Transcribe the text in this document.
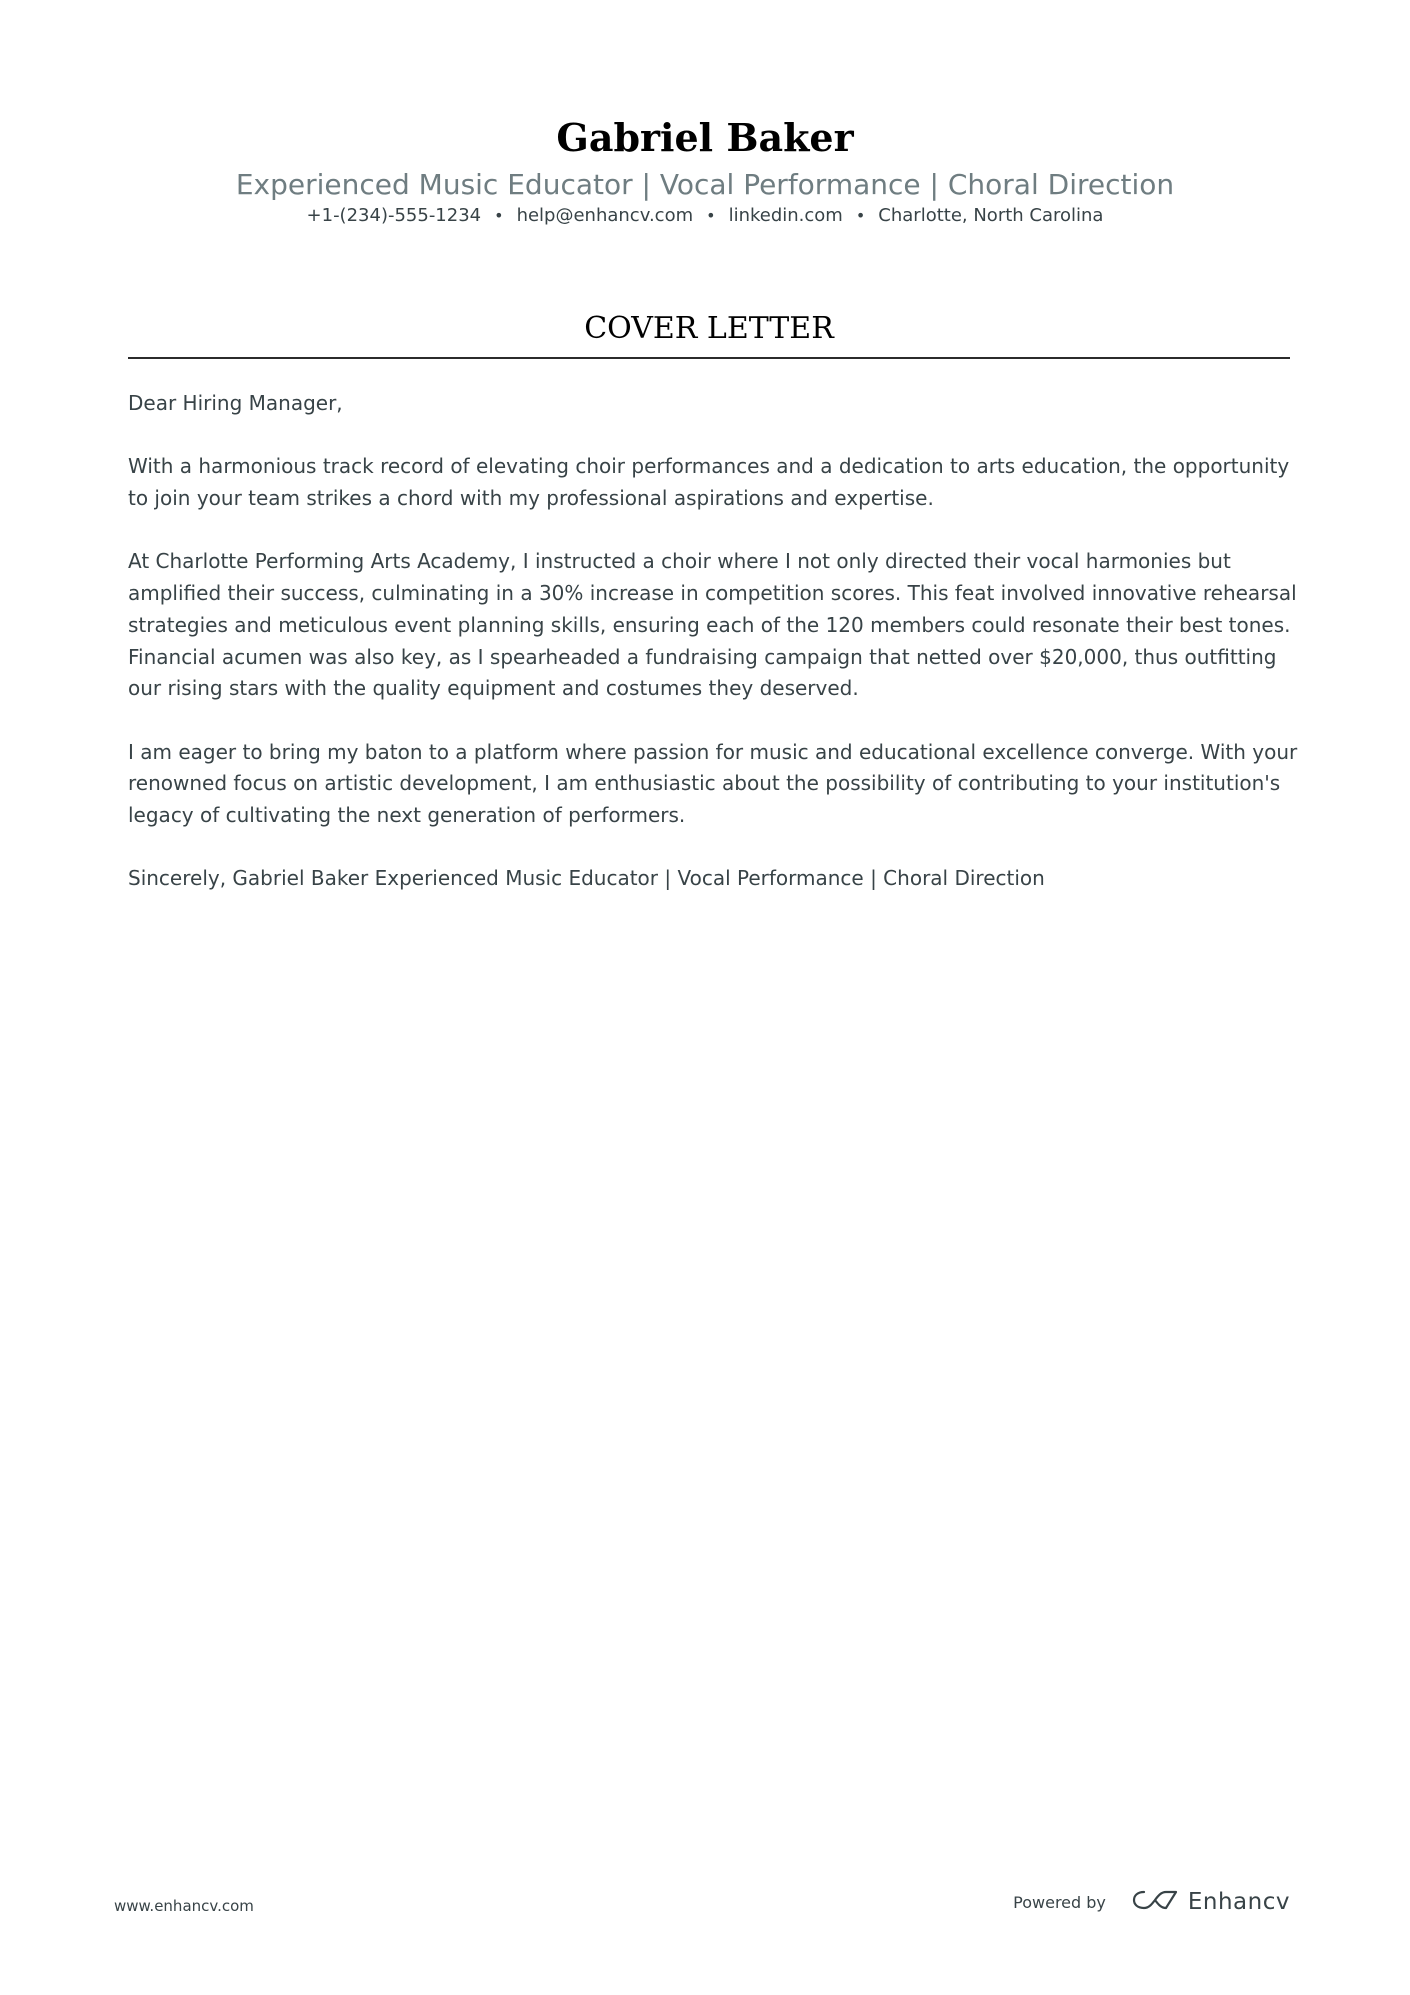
Gabriel Baker
Experienced Music Educator | Vocal Performance | Choral Direction
+1-(234)-555-1234 • help@enhancv.com • linkedin.com • Charlotte, North Carolina
COVER LETTER

Dear Hiring Manager,

With a harmonious track record of elevating choir performances and a dedication to arts education, the opportunity to join your team strikes a chord with my professional aspirations and expertise.

At Charlotte Performing Arts Academy, I instructed a choir where I not only directed their vocal harmonies but amplified their success, culminating in a 30% increase in competition scores. This feat involved innovative rehearsal strategies and meticulous event planning skills, ensuring each of the 120 members could resonate their best tones. Financial acumen was also key, as I spearheaded a fundraising campaign that netted over $20,000, thus outfitting our rising stars with the quality equipment and costumes they deserved.

I am eager to bring my baton to a platform where passion for music and educational excellence converge. With your renowned focus on artistic development, I am enthusiastic about the possibility of contributing to your institution's legacy of cultivating the next generation of performers.

Sincerely, Gabriel Baker Experienced Music Educator | Vocal Performance | Choral Direction

www.enhancv.com	Powered by	Enhancv
